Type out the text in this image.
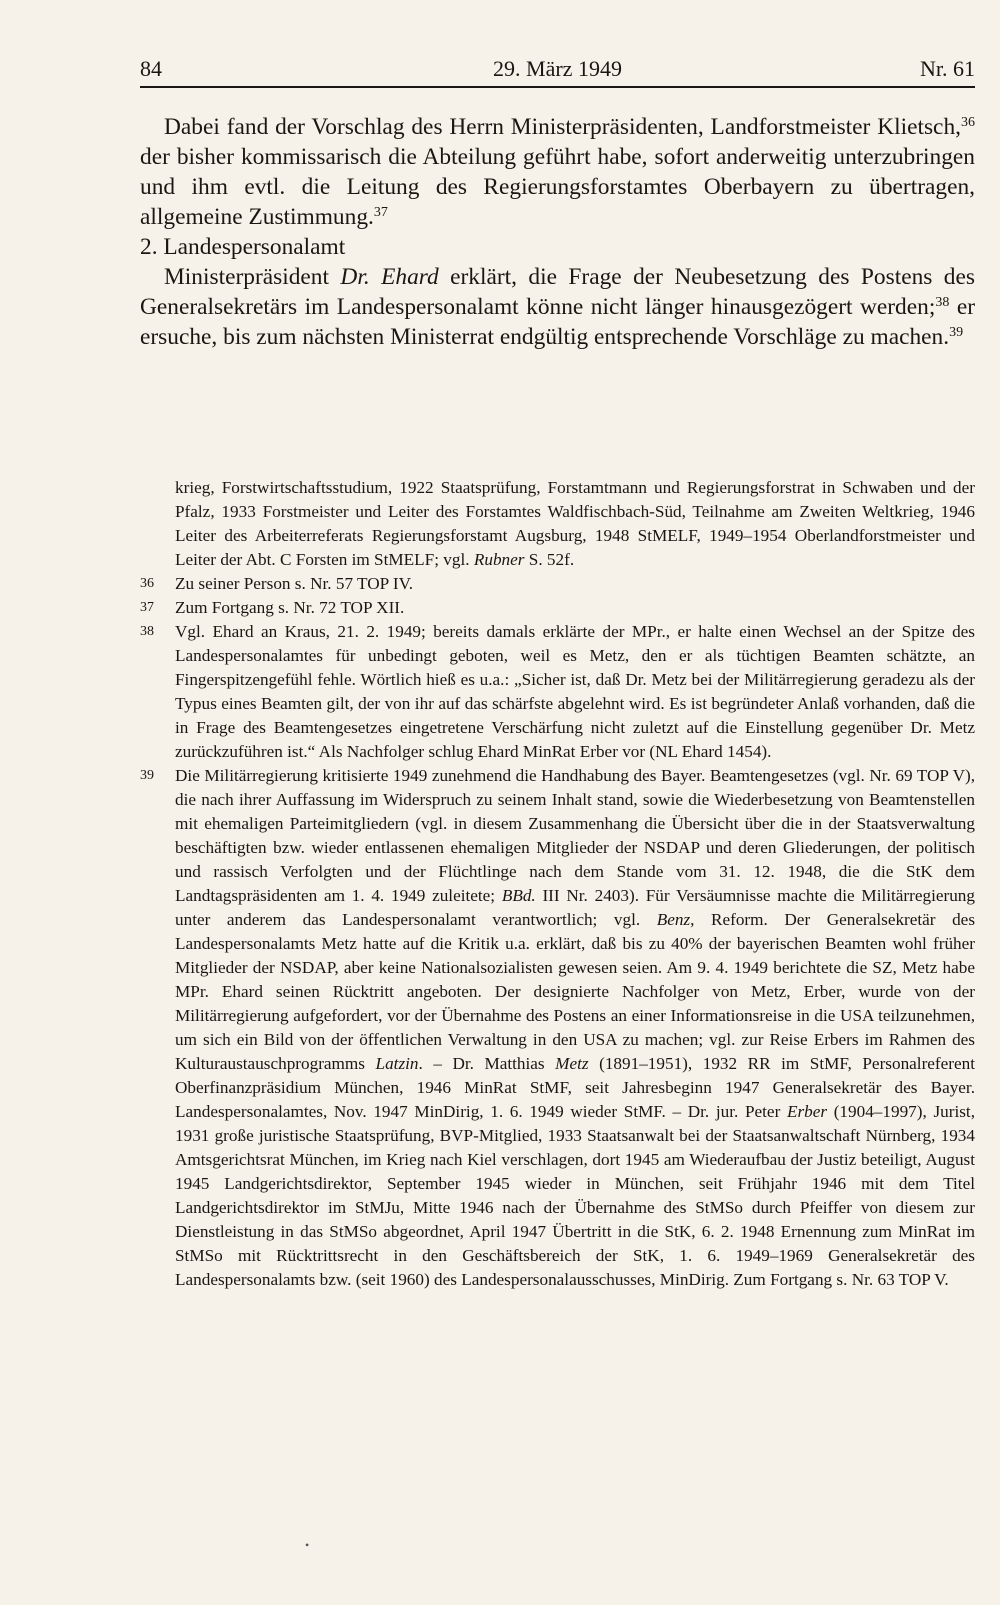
84	29. März 1949	Nr. 61

Dabei fand der Vorschlag des Herrn Ministerpräsidenten, Landforstmeister Klietsch,$^{36}$ der bisher kommissarisch die Abteilung geführt habe, sofort anderweitig unterzubringen und ihm evtl. die Leitung des Regierungsforstamtes Oberbayern zu übertragen, allgemeine Zustimmung.$^{37}$

2. Landespersonalamt

Ministerpräsident Dr. Ehard erklärt, die Frage der Neubesetzung des Postens des Generalsekretärs im Landespersonalamt könne nicht länger hinausgezögert werden;$^{38}$ er ersuche, bis zum nächsten Ministerrat endgültig entsprechende Vorschläge zu machen.$^{39}$

krieg, Forstwirtschaftsstudium, 1922 Staatsprüfung, Forstamtmann und Regierungsforstrat in Schwaben und der Pfalz, 1933 Forstmeister und Leiter des Forstamtes Waldfischbach-Süd, Teilnahme am Zweiten Weltkrieg, 1946 Leiter des Arbeiterreferats Regierungsforstamt Augsburg, 1948 StMELF, 1949–1954 Oberlandforstmeister und Leiter der Abt. C Forsten im StMELF; vgl. Rubner S. 52f.

36 Zu seiner Person s. Nr. 57 TOP IV.

37 Zum Fortgang s. Nr. 72 TOP XII.

38 Vgl. Ehard an Kraus, 21. 2. 1949; bereits damals erklärte der MPr., er halte einen Wechsel an der Spitze des Landespersonalamtes für unbedingt geboten, weil es Metz, den er als tüchtigen Beamten schätzte, an Fingerspitzengefühl fehle. Wörtlich hieß es u.a.: „Sicher ist, daß Dr. Metz bei der Militärregierung geradezu als der Typus eines Beamten gilt, der von ihr auf das schärfste abgelehnt wird. Es ist begründeter Anlaß vorhanden, daß die in Frage des Beamtengesetzes eingetretene Verschärfung nicht zuletzt auf die Einstellung gegenüber Dr. Metz zurückzuführen ist.“ Als Nachfolger schlug Ehard MinRat Erber vor (NL Ehard 1454).

39 Die Militärregierung kritisierte 1949 zunehmend die Handhabung des Bayer. Beamtengesetzes (vgl. Nr. 69 TOP V), die nach ihrer Auffassung im Widerspruch zu seinem Inhalt stand, sowie die Wiederbesetzung von Beamtenstellen mit ehemaligen Parteimitgliedern (vgl. in diesem Zusammenhang die Übersicht über die in der Staatsverwaltung beschäftigten bzw. wieder entlassenen ehemaligen Mitglieder der NSDAP und deren Gliederungen, der politisch und rassisch Verfolgten und der Flüchtlinge nach dem Stande vom 31. 12. 1948, die die StK dem Landtagspräsidenten am 1. 4. 1949 zuleitete; BBd. III Nr. 2403). Für Versäumnisse machte die Militärregierung unter anderem das Landespersonalamt verantwortlich; vgl. Benz, Reform. Der Generalsekretär des Landespersonalamts Metz hatte auf die Kritik u.a. erklärt, daß bis zu 40% der bayerischen Beamten wohl früher Mitglieder der NSDAP, aber keine Nationalsozialisten gewesen seien. Am 9. 4. 1949 berichtete die SZ, Metz habe MPr. Ehard seinen Rücktritt angeboten. Der designierte Nachfolger von Metz, Erber, wurde von der Militärregierung aufgefordert, vor der Übernahme des Postens an einer Informationsreise in die USA teilzunehmen, um sich ein Bild von der öffentlichen Verwaltung in den USA zu machen; vgl. zur Reise Erbers im Rahmen des Kulturaustauschprogramms Latzin. – Dr. Matthias Metz (1891–1951), 1932 RR im StMF, Personalreferent Oberfinanzpräsidium München, 1946 MinRat StMF, seit Jahresbeginn 1947 Generalsekretär des Bayer. Landespersonalamtes, Nov. 1947 MinDirig, 1. 6. 1949 wieder StMF. – Dr. jur. Peter Erber (1904–1997), Jurist, 1931 große juristische Staatsprüfung, BVP-Mitglied, 1933 Staatsanwalt bei der Staatsanwaltschaft Nürnberg, 1934 Amtsgerichtsrat München, im Krieg nach Kiel verschlagen, dort 1945 am Wiederaufbau der Justiz beteiligt, August 1945 Landgerichtsdirektor, September 1945 wieder in München, seit Frühjahr 1946 mit dem Titel Landgerichtsdirektor im StMJu, Mitte 1946 nach der Übernahme des StMSo durch Pfeiffer von diesem zur Dienstleistung in das StMSo abgeordnet, April 1947 Übertritt in die StK, 6. 2. 1948 Ernennung zum MinRat im StMSo mit Rücktrittsrecht in den Geschäftsbereich der StK, 1. 6. 1949–1969 Generalsekretär des Landespersonalamts bzw. (seit 1960) des Landespersonalausschusses, MinDirig. Zum Fortgang s. Nr. 63 TOP V.

•
